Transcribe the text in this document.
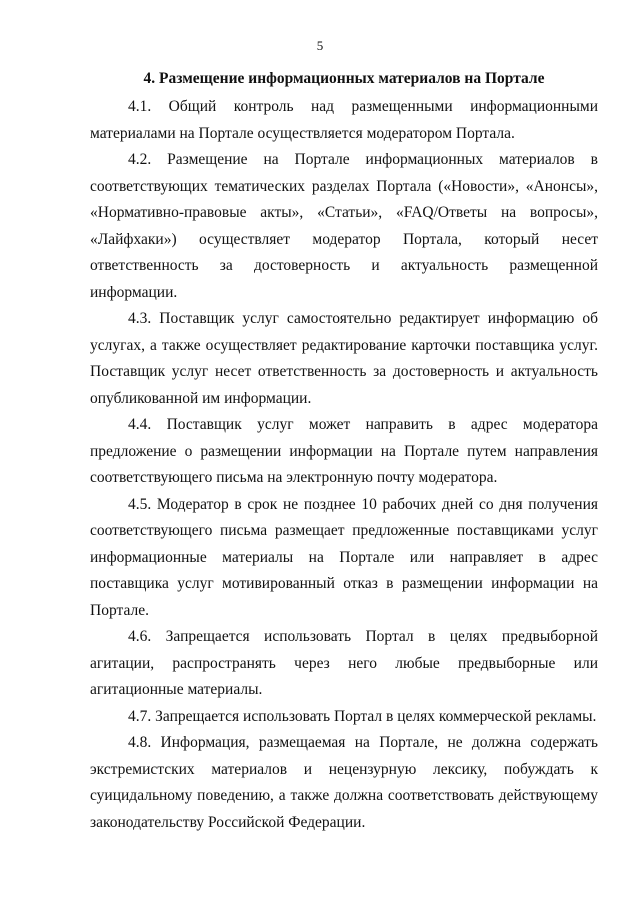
5
4. Размещение информационных материалов на Портале

4.1. Общий контроль над размещенными информационными материалами на Портале осуществляется модератором Портала.

4.2. Размещение на Портале информационных материалов в соответствующих тематических разделах Портала («Новости», «Анонсы», «Нормативно-правовые акты», «Статьи», «FAQ/Ответы на вопросы», «Лайфхаки») осуществляет модератор Портала, который несет ответственность за достоверность и актуальность размещенной информации.

4.3. Поставщик услуг самостоятельно редактирует информацию об услугах, а также осуществляет редактирование карточки поставщика услуг. Поставщик услуг несет ответственность за достоверность и актуальность опубликованной им информации.

4.4. Поставщик услуг может направить в адрес модератора предложение о размещении информации на Портале путем направления соответствующего письма на электронную почту модератора.

4.5. Модератор в срок не позднее 10 рабочих дней со дня получения соответствующего письма размещает предложенные поставщиками услуг информационные материалы на Портале или направляет в адрес поставщика услуг мотивированный отказ в размещении информации на Портале.

4.6. Запрещается использовать Портал в целях предвыборной агитации, распространять через него любые предвыборные или агитационные материалы.

4.7. Запрещается использовать Портал в целях коммерческой рекламы.

4.8. Информация, размещаемая на Портале, не должна содержать экстремистских материалов и нецензурную лексику, побуждать к суицидальному поведению, а также должна соответствовать действующему законодательству Российской Федерации.
